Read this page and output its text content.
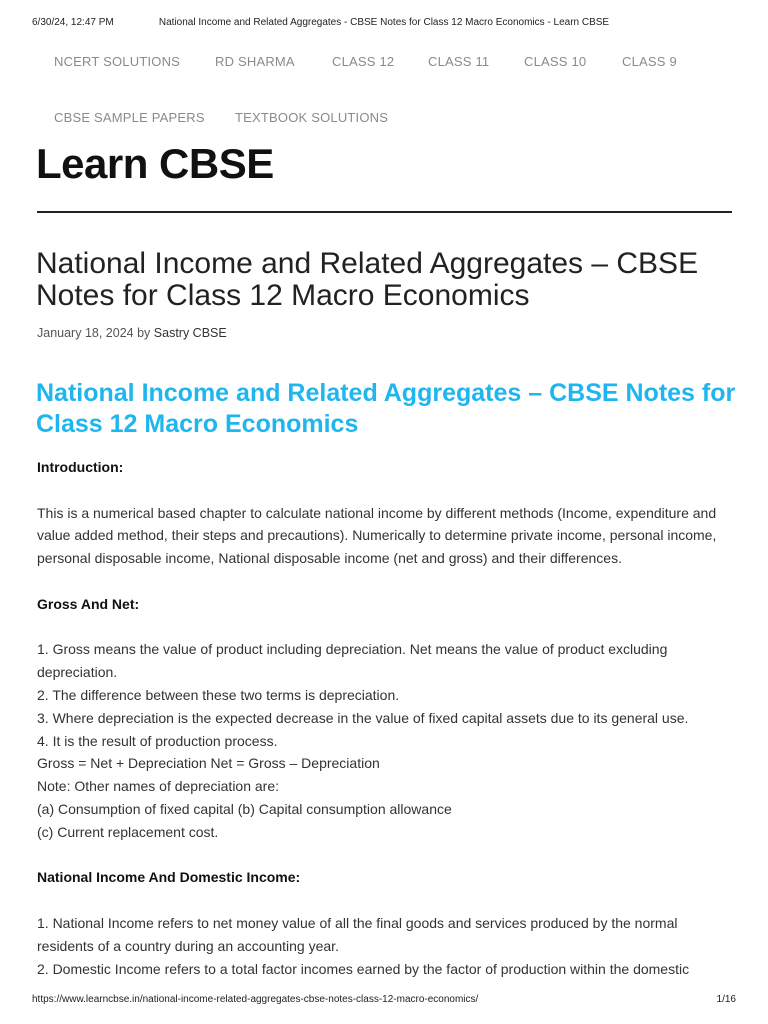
6/30/24, 12:47 PM	National Income and Related Aggregates - CBSE Notes for Class 12 Macro Economics - Learn CBSE
NCERT SOLUTIONS	RD SHARMA	CLASS 12	CLASS 11	CLASS 10	CLASS 9
CBSE SAMPLE PAPERS TEXTBOOK SOLUTIONS
Learn CBSE
National Income and Related Aggregates – CBSE Notes for Class 12 Macro Economics
January 18, 2024 by Sastry CBSE
National Income and Related Aggregates – CBSE Notes for Class 12 Macro Economics

Introduction:

This is a numerical based chapter to calculate national income by different methods (Income, expenditure and value added method, their steps and precautions). Numerically to determine private income, personal income, personal disposable income, National disposable income (net and gross) and their differences.

Gross And Net:

1. Gross means the value of product including depreciation. Net means the value of product excluding depreciation.

2. The difference between these two terms is depreciation.

3. Where depreciation is the expected decrease in the value of fixed capital assets due to its general use.

4. It is the result of production process.

Gross = Net + Depreciation Net = Gross – Depreciation

Note: Other names of depreciation are:

(a) Consumption of fixed capital (b) Capital consumption allowance

(c) Current replacement cost.

National Income And Domestic Income:

1. National Income refers to net money value of all the final goods and services produced by the normal residents of a country during an accounting year.

2. Domestic Income refers to a total factor incomes earned by the factor of production within the domestic

https://www.learncbse.in/national-income-related-aggregates-cbse-notes-class-12-macro-economics/	1/16
